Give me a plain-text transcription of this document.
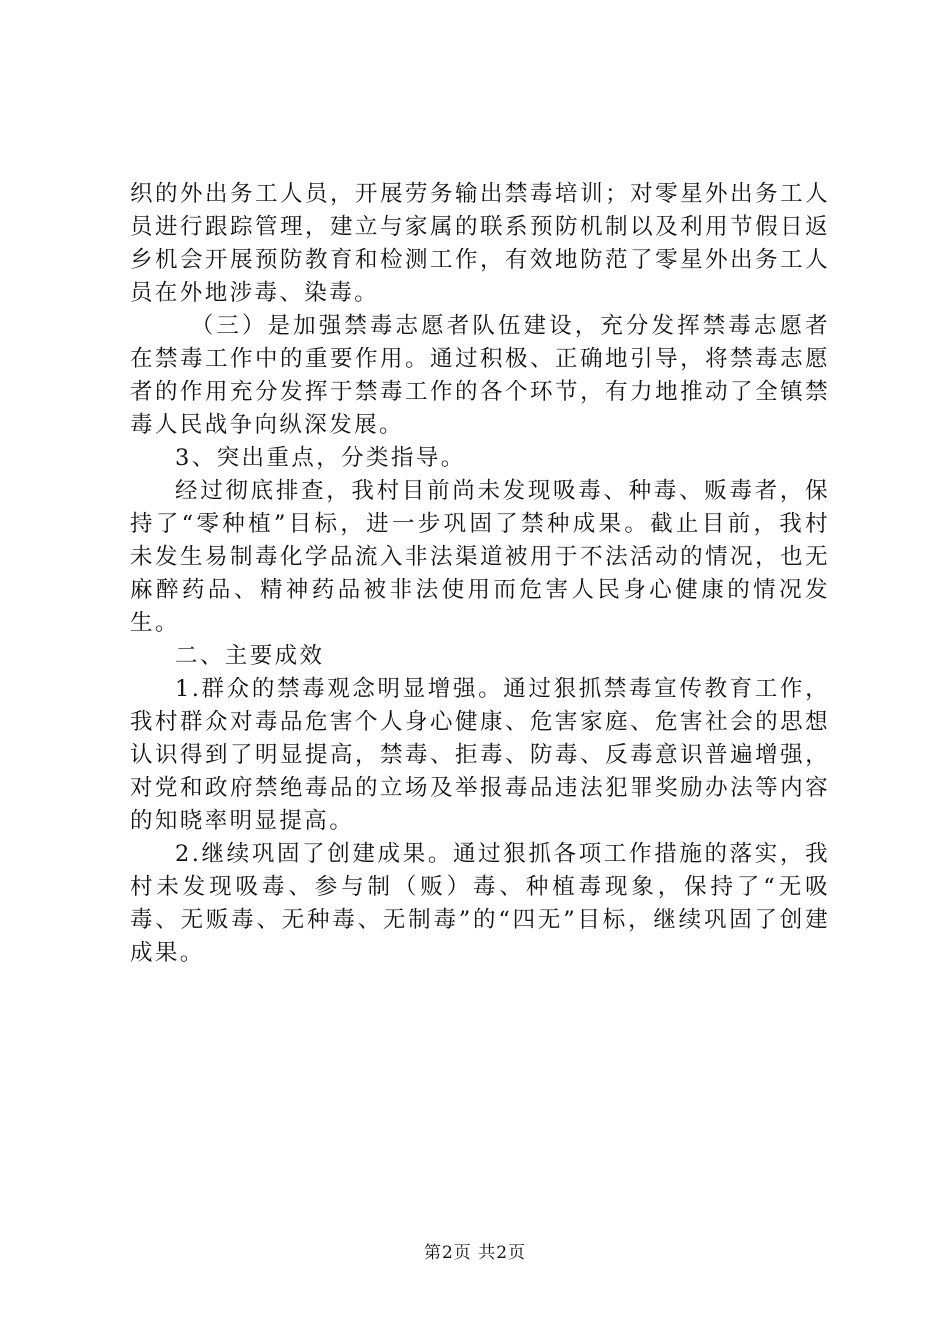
织的外出务工人员，开展劳务输出禁毒培训；对零星外出务工人员进行跟踪管理，建立与家属的联系预防机制以及利用节假日返乡机会开展预防教育和检测工作，有效地防范了零星外出务工人员在外地涉毒、染毒。

（三）是加强禁毒志愿者队伍建设，充分发挥禁毒志愿者在禁毒工作中的重要作用。通过积极、正确地引导，将禁毒志愿者的作用充分发挥于禁毒工作的各个环节，有力地推动了全镇禁毒人民战争向纵深发展。

3、突出重点，分类指导。

经过彻底排查，我村目前尚未发现吸毒、种毒、贩毒者，保持了“零种植”目标，进一步巩固了禁种成果。截止目前，我村未发生易制毒化学品流入非法渠道被用于不法活动的情况，也无麻醉药品、精神药品被非法使用而危害人民身心健康的情况发生。

二、主要成效

1.群众的禁毒观念明显增强。通过狠抓禁毒宣传教育工作，我村群众对毒品危害个人身心健康、危害家庭、危害社会的思想认识得到了明显提高，禁毒、拒毒、防毒、反毒意识普遍增强，对党和政府禁绝毒品的立场及举报毒品违法犯罪奖励办法等内容的知晓率明显提高。

2.继续巩固了创建成果。通过狠抓各项工作措施的落实，我村未发现吸毒、参与制（贩）毒、种植毒现象，保持了“无吸毒、无贩毒、无种毒、无制毒”的“四无”目标，继续巩固了创建成果。

第2页 共2页
